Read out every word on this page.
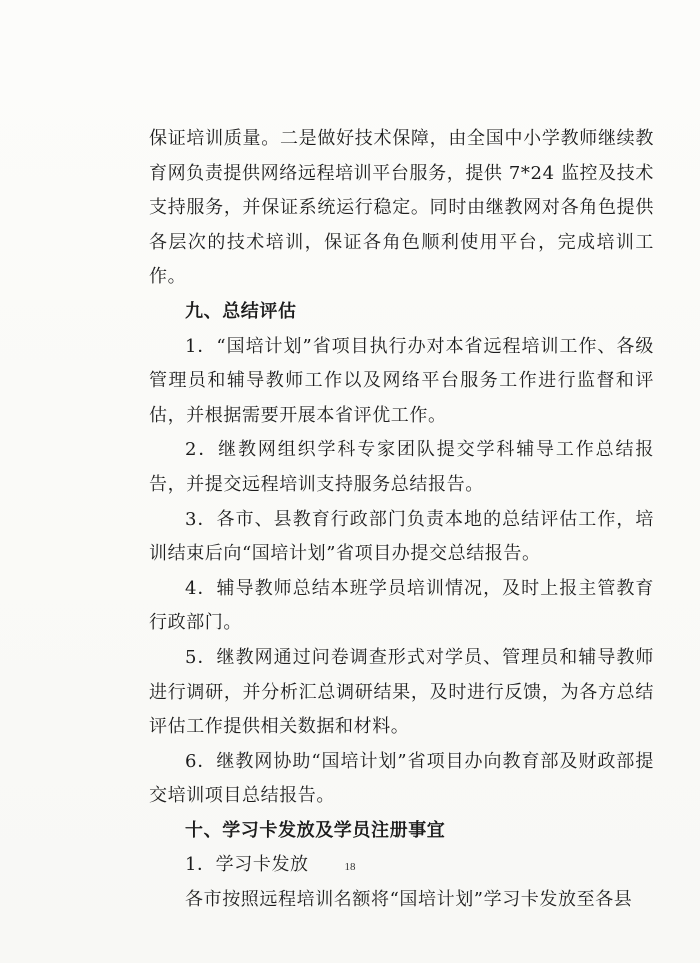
保证培训质量。二是做好技术保障，由全国中小学教师继续教育网负责提供网络远程培训平台服务，提供 7*24 监控及技术支持服务，并保证系统运行稳定。同时由继教网对各角色提供各层次的技术培训，保证各角色顺利使用平台，完成培训工作。

九、总结评估

1．“国培计划”省项目执行办对本省远程培训工作、各级管理员和辅导教师工作以及网络平台服务工作进行监督和评估，并根据需要开展本省评优工作。

2．继教网组织学科专家团队提交学科辅导工作总结报告，并提交远程培训支持服务总结报告。

3．各市、县教育行政部门负责本地的总结评估工作，培训结束后向“国培计划”省项目办提交总结报告。

4．辅导教师总结本班学员培训情况，及时上报主管教育行政部门。

5．继教网通过问卷调查形式对学员、管理员和辅导教师进行调研，并分析汇总调研结果，及时进行反馈，为各方总结评估工作提供相关数据和材料。

6．继教网协助“国培计划”省项目办向教育部及财政部提交培训项目总结报告。

十、学习卡发放及学员注册事宜

1．学习卡发放

各市按照远程培训名额将“国培计划”学习卡发放至各县

18
